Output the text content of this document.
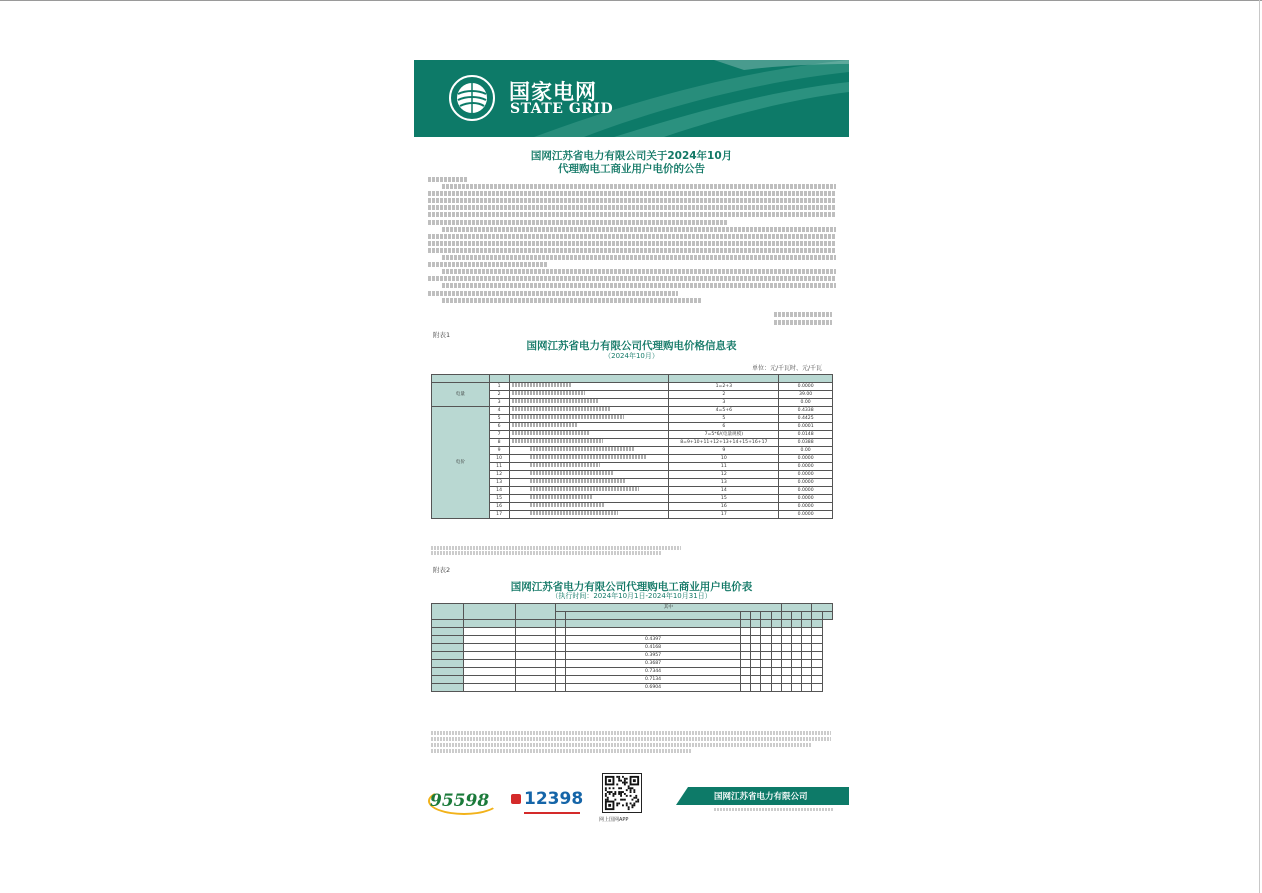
国家电网
STATE GRID
国网江苏省电力有限公司关于2024年10月
代理购电工商业用户电价的公告
附表1
国网江苏省电力有限公司代理购电价格信息表
（2024年10月）
单位：元/千瓦时、元/千瓦

电量	1		1=2+3	0.0000
	2		2	39.00
	3		3	0.00
电价	4		4=5+6	0.4338
	5		5	0.4425
	6		6	0.0001
	7		7=5*6/(电量规模)	0.0148
	8		8=9+10+11+12+13+14+15+16+17	0.0388
	9		9	0.00
	10		10	0.0000
	11		11	0.0000
	12		12	0.0000
	13		13	0.0000
	14		14	0.0000
	15		15	0.0000
	16		16	0.0000
	17		17	0.0000
附表2
国网江苏省电力有限公司代理购电工商业用户电价表
（执行时间：2024年10月1日-2024年10月31日）
			其中										

				0.4397									
				0.4168									
				0.3957									
				0.3687									
				0.7344									
				0.7134									
				0.6904									
95598 12398
网上国网APP
国网江苏省电力有限公司
